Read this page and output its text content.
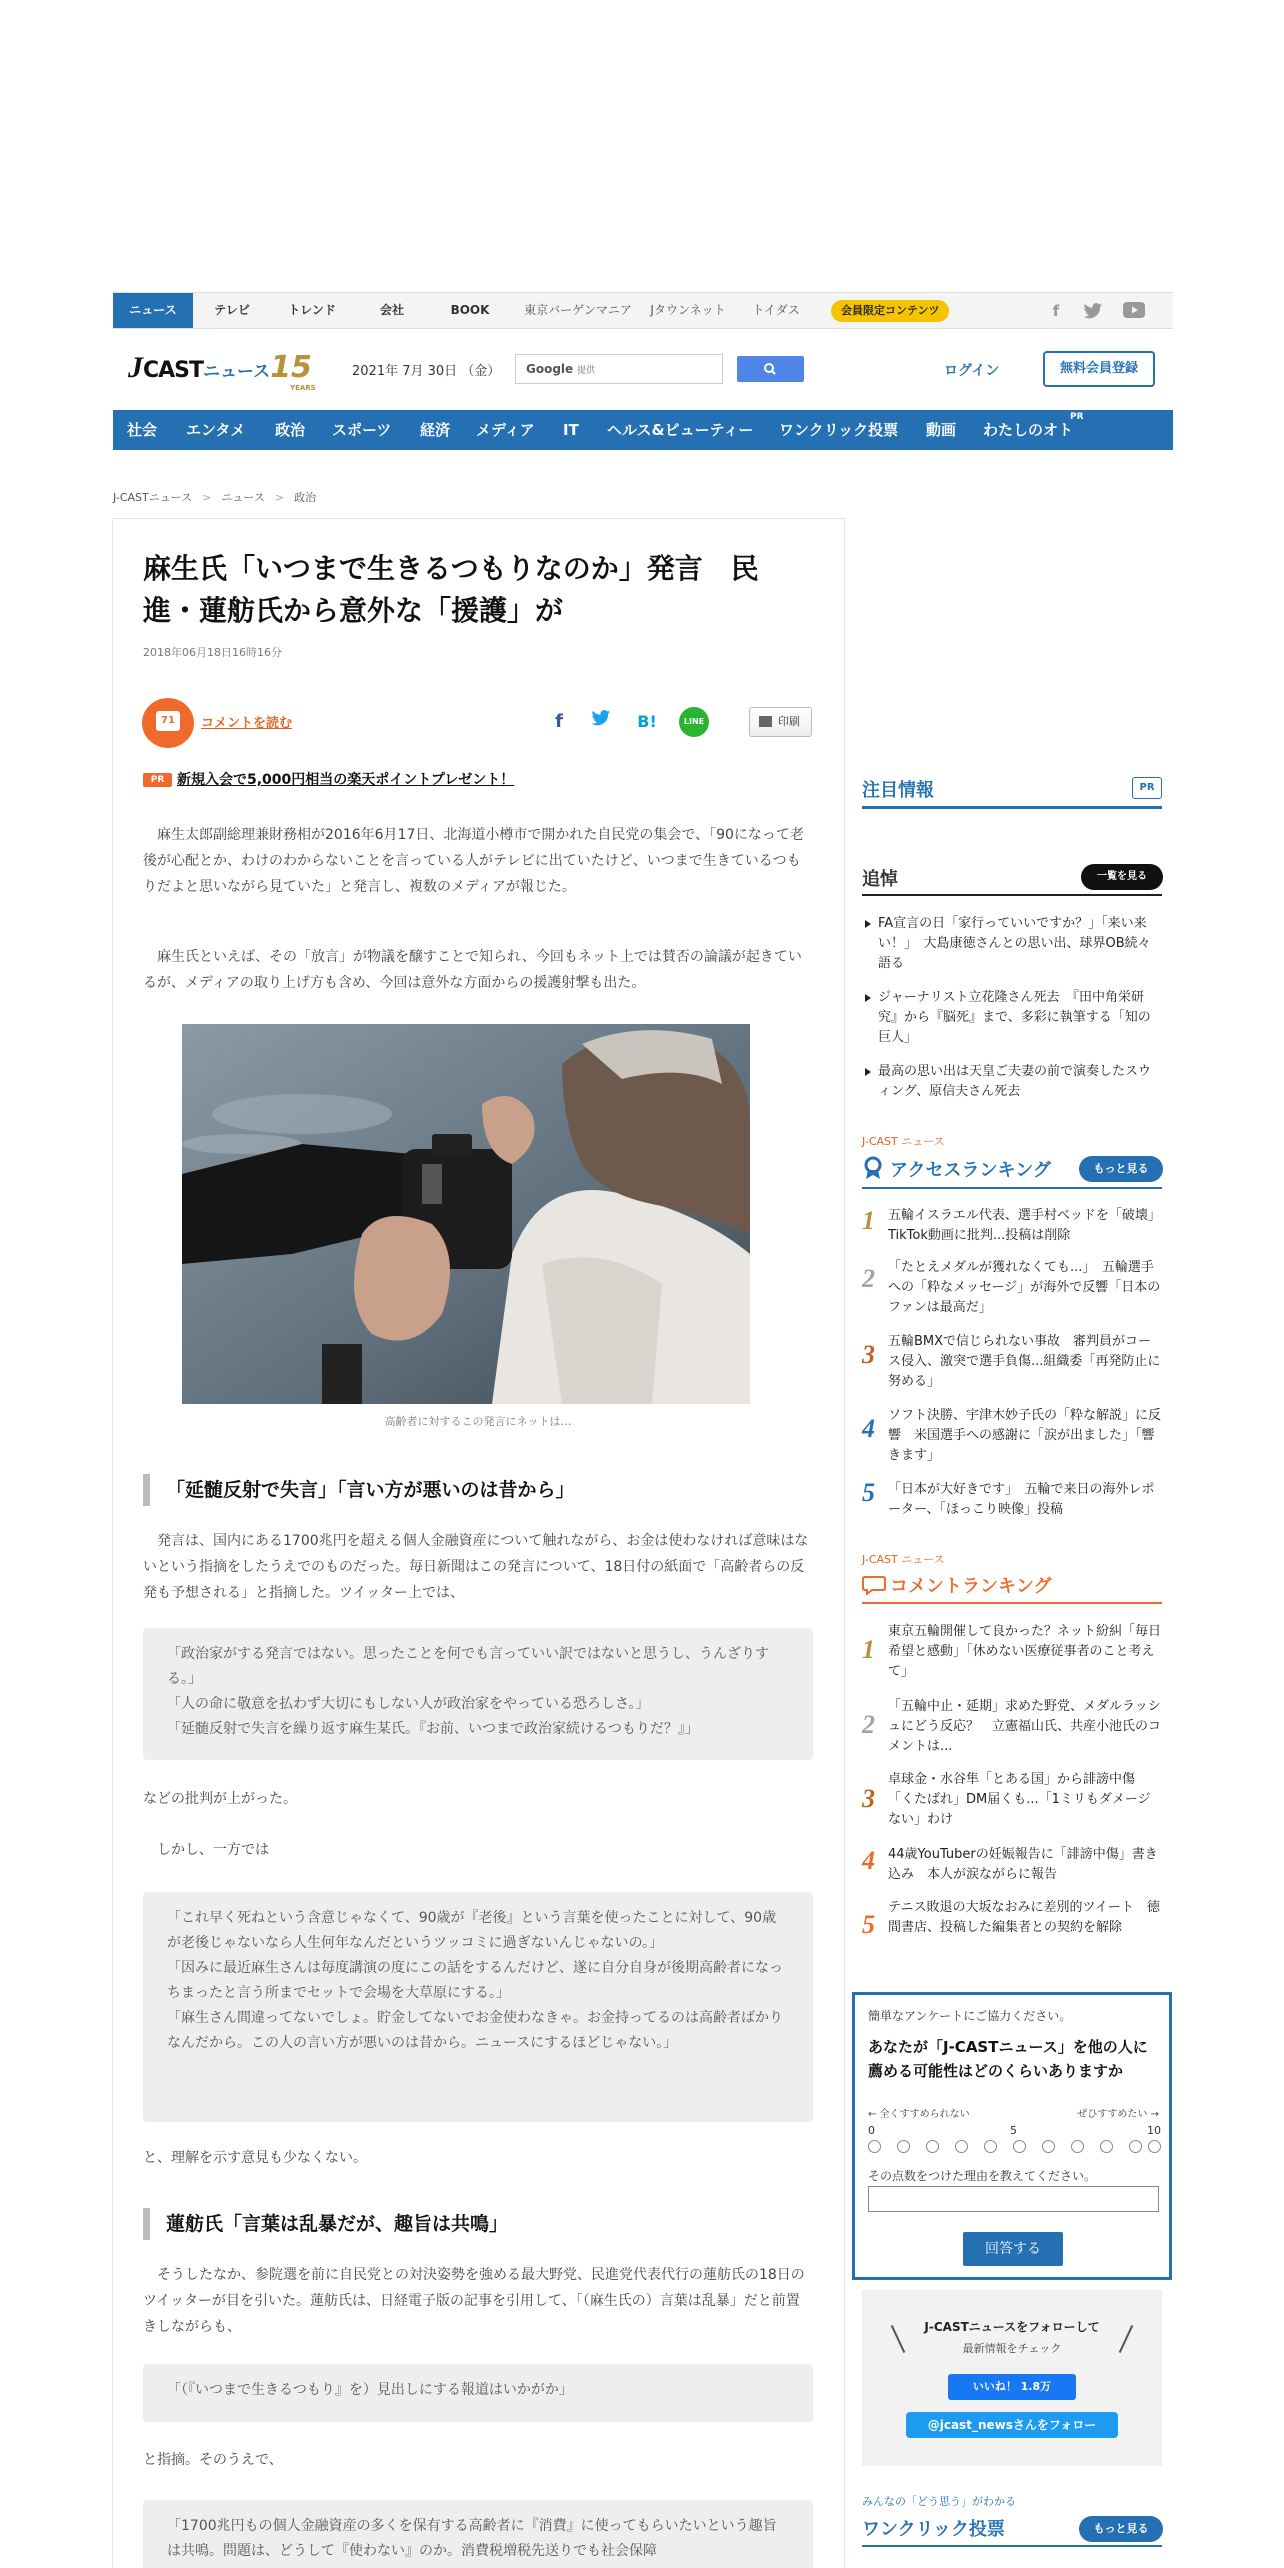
ニュース	テレビ	トレンド	会社	BOOK	東京バーゲンマニア	Jタウンネット	トイダス	会員限定コンテンツ	f
JCASTニュース15
YEARS
2021年 7月 30日 （金）	Google 提供	ログイン	無料会員登録
社会 エンタメ 政治 スポーツ 経済 メディア IT ヘルス&ビューティー ワンクリック投票 動画 わたしのオト
PR
J-CASTニュース > ニュース > 政治
麻生氏「いつまで生きるつもりなのか」発言　民進・蓮舫氏から意外な「援護」が
2018年06月18日16時16分
71	コメントを読む	f	B!	LINE	印刷
PR 新規入会で5,000円相当の楽天ポイントプレゼント！
　麻生太郎副総理兼財務相が2016年6月17日、北海道小樽市で開かれた自民党の集会で、「90になって老後が心配とか、わけのわからないことを言っている人がテレビに出ていたけど、いつまで生きているつもりだよと思いながら見ていた」と発言し、複数のメディアが報じた。
　麻生氏といえば、その「放言」が物議を醸すことで知られ、今回もネット上では賛否の論議が起きているが、メディアの取り上げ方も含め、今回は意外な方面からの援護射撃も出た。
高齢者に対するこの発言にネットは…
「延髄反射で失言」「言い方が悪いのは昔から」
　発言は、国内にある1700兆円を超える個人金融資産について触れながら、お金は使わなければ意味はないという指摘をしたうえでのものだった。毎日新聞はこの発言について、18日付の紙面で「高齢者らの反発も予想される」と指摘した。ツイッター上では、
「政治家がする発言ではない。思ったことを何でも言っていい訳ではないと思うし、うんざりする。」
「人の命に敬意を払わず大切にもしない人が政治家をやっている恐ろしさ。」
「延髄反射で失言を繰り返す麻生某氏。『お前、いつまで政治家続けるつもりだ？』」
などの批判が上がった。
　しかし、一方では
「これ早く死ねという含意じゃなくて、90歳が『老後』という言葉を使ったことに対して、90歳が老後じゃないなら人生何年なんだというツッコミに過ぎないんじゃないの。」
「因みに最近麻生さんは毎度講演の度にこの話をするんだけど、遂に自分自身が後期高齢者になっちまったと言う所までセットで会場を大草原にする。」
「麻生さん間違ってないでしょ。貯金してないでお金使わなきゃ。お金持ってるのは高齢者ばかりなんだから。この人の言い方が悪いのは昔から。ニュースにするほどじゃない。」
と、理解を示す意見も少なくない。
蓮舫氏「言葉は乱暴だが、趣旨は共鳴」
　そうしたなか、参院選を前に自民党との対決姿勢を強める最大野党、民進党代表代行の蓮舫氏の18日のツイッターが目を引いた。蓮舫氏は、日経電子版の記事を引用して、「（麻生氏の）言葉は乱暴」だと前置きしながらも、
「（『いつまで生きるつもり』を）見出しにする報道はいかがか」
と指摘。そのうえで、
「1700兆円もの個人金融資産の多くを保有する高齢者に『消費』に使ってもらいたいという趣旨は共鳴。問題は、どうして『使わない』のか。消費税増税先送りでも社会保障
注目情報	PR
追悼	一覧を見る
FA宣言の日「家行っていいですか？」「来い来い！」　大島康徳さんとの思い出、球界OB続々語る
ジャーナリスト立花隆さん死去　『田中角栄研究』から『脳死』まで、多彩に執筆する「知の巨人」
最高の思い出は天皇ご夫妻の前で演奏したスウィング、原信夫さん死去
J-CAST ニュース
アクセスランキング	もっと見る
1 五輪イスラエル代表、選手村ベッドを「破壊」　TikTok動画に批判...投稿は削除
2 「たとえメダルが獲れなくても...」　五輪選手への「粋なメッセージ」が海外で反響「日本のファンは最高だ」
3 五輪BMXで信じられない事故　審判員がコース侵入、激突で選手負傷...組織委「再発防止に努める」
4 ソフト決勝、宇津木妙子氏の「粋な解説」に反響　米国選手への感謝に「涙が出ました」「響きます」
5 「日本が大好きです」　五輪で来日の海外レポーター、「ほっこり映像」投稿
J-CAST ニュース
コメントランキング
1
東京五輪開催して良かった？ネット紛糾「毎日希望と感動」「休めない医療従事者のこと考えて」
2
「五輪中止・延期」求めた野党、メダルラッシュにどう反応？　立憲福山氏、共産小池氏のコメントは...
3
卓球金・水谷隼「とある国」から誹謗中傷　「くたばれ」DM届くも...「1ミリもダメージない」わけ
4 44歳YouTuberの妊娠報告に「誹謗中傷」書き込み　本人が涙ながらに報告
5
テニス敗退の大坂なおみに差別的ツイート　徳間書店、投稿した編集者との契約を解除
簡単なアンケートにご協力ください。
あなたが「J-CASTニュース」を他の人に薦める可能性はどのくらいありますか
← 全くすすめられない	ぜひすすめたい →
0	5	10
その点数をつけた理由を教えてください。
回答する
J-CASTニュースをフォローして
最新情報をチェック
いいね！ 1.8万
@jcast_newsさんをフォロー
みんなの「どう思う」がわかる
ワンクリック投票	もっと見る
